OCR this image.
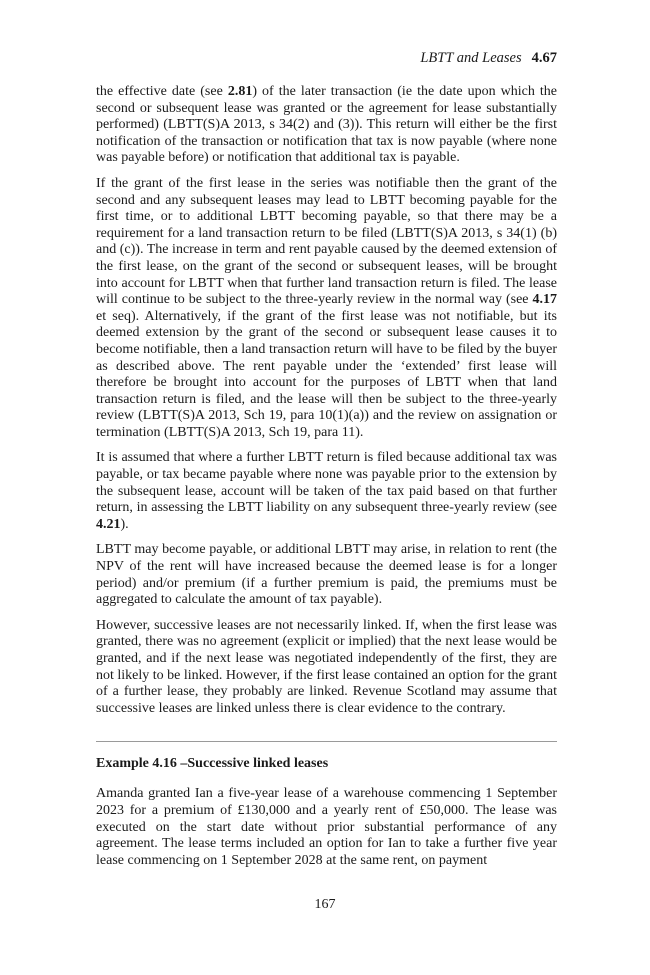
LBTT and Leases 4.67

the effective date (see 2.81) of the later transaction (ie the date upon which the second or subsequent lease was granted or the agreement for lease substantially performed) (LBTT(S)A 2013, s 34(2) and (3)). This return will either be the first notification of the transaction or notification that tax is now payable (where none was payable before) or notification that additional tax is payable.

If the grant of the first lease in the series was notifiable then the grant of the second and any subsequent leases may lead to LBTT becoming payable for the first time, or to additional LBTT becoming payable, so that there may be a requirement for a land transaction return to be filed (LBTT(S)A 2013, s 34(1) (b) and (c)). The increase in term and rent payable caused by the deemed extension of the first lease, on the grant of the second or subsequent leases, will be brought into account for LBTT when that further land transaction return is filed. The lease will continue to be subject to the three-yearly review in the normal way (see 4.17 et seq). Alternatively, if the grant of the first lease was not notifiable, but its deemed extension by the grant of the second or subsequent lease causes it to become notifiable, then a land transaction return will have to be filed by the buyer as described above. The rent payable under the ‘extended’ first lease will therefore be brought into account for the purposes of LBTT when that land transaction return is filed, and the lease will then be subject to the three-yearly review (LBTT(S)A 2013, Sch 19, para 10(1)(a)) and the review on assignation or termination (LBTT(S)A 2013, Sch 19, para 11).

It is assumed that where a further LBTT return is filed because additional tax was payable, or tax became payable where none was payable prior to the extension by the subsequent lease, account will be taken of the tax paid based on that further return, in assessing the LBTT liability on any subsequent three-yearly review (see 4.21).

LBTT may become payable, or additional LBTT may arise, in relation to rent (the NPV of the rent will have increased because the deemed lease is for a longer period) and/or premium (if a further premium is paid, the premiums must be aggregated to calculate the amount of tax payable).

However, successive leases are not necessarily linked. If, when the first lease was granted, there was no agreement (explicit or implied) that the next lease would be granted, and if the next lease was negotiated independently of the first, they are not likely to be linked. However, if the first lease contained an option for the grant of a further lease, they probably are linked. Revenue Scotland may assume that successive leases are linked unless there is clear evidence to the contrary.

Example 4.16 –Successive linked leases

Amanda granted Ian a five-year lease of a warehouse commencing 1 September 2023 for a premium of £130,000 and a yearly rent of £50,000. The lease was executed on the start date without prior substantial performance of any agreement. The lease terms included an option for Ian to take a further five year lease commencing on 1 September 2028 at the same rent, on payment

167
